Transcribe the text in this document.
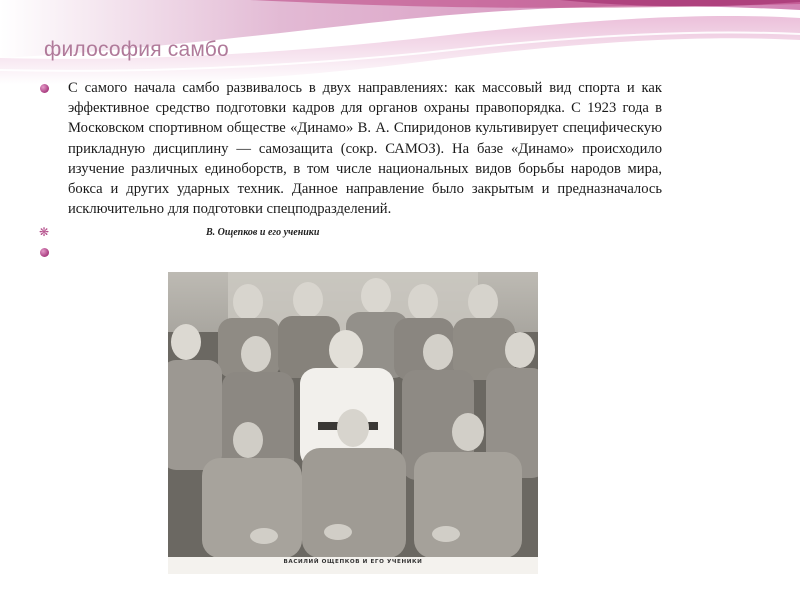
философия самбо

С самого начала самбо развивалось в двух направлениях: как массовый вид спорта и как эффективное средство подготовки кадров для органов охраны правопорядка. С 1923 года в Московском спортивном обществе «Динамо» В. А. Спиридонов культивирует специфическую прикладную дисциплину — самозащита (сокр. САМОЗ). На базе «Динамо» происходило изучение различных единоборств, в том числе национальных видов борьбы народов мира, бокса и других ударных техник. Данное направление было закрытым и предназначалось исключительно для подготовки спецподразделений.

❋	В. Ощепков и его ученики
ВАСИЛИЙ ОЩЕПКОВ И ЕГО УЧЕНИКИ
